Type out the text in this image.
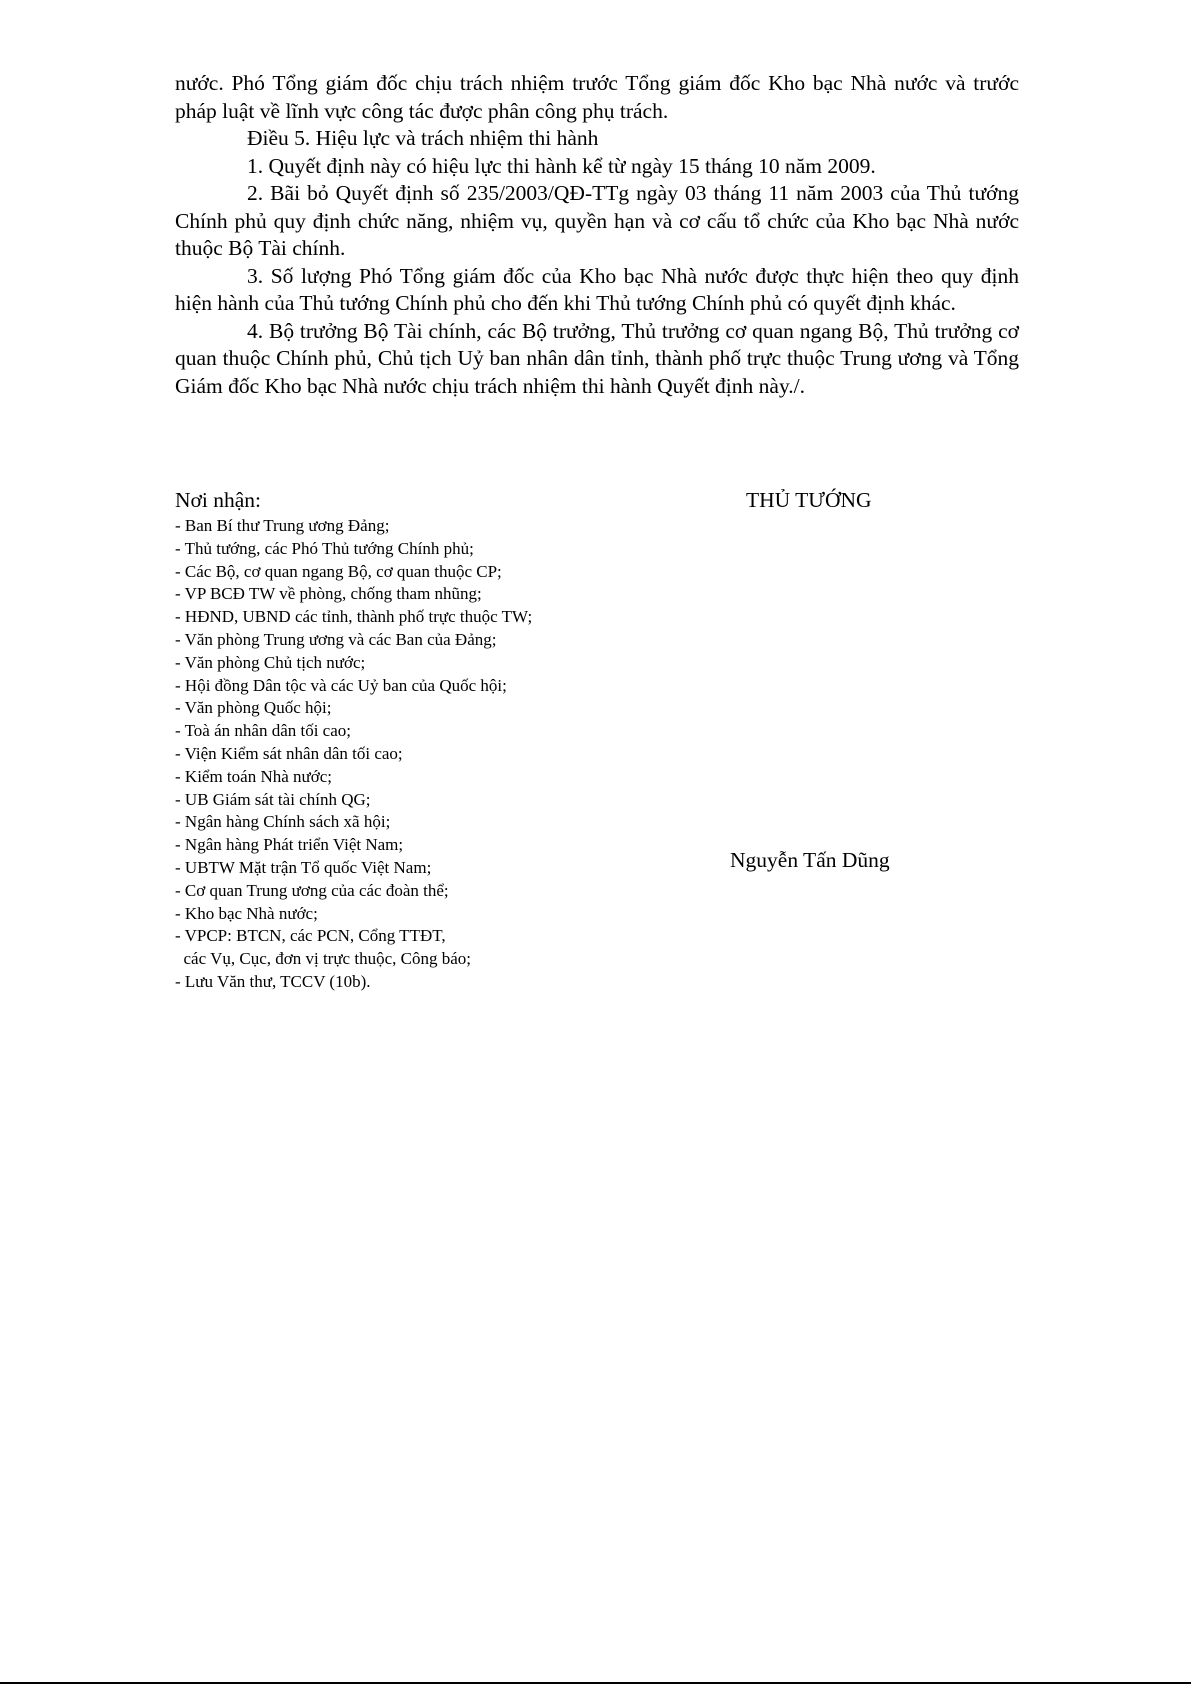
nước. Phó Tổng giám đốc chịu trách nhiệm trước Tổng giám đốc Kho bạc Nhà nước và trước pháp luật về lĩnh vực công tác được phân công phụ trách.

Điều 5. Hiệu lực và trách nhiệm thi hành

1. Quyết định này có hiệu lực thi hành kể từ ngày 15 tháng 10 năm 2009.

2. Bãi bỏ Quyết định số 235/2003/QĐ-TTg ngày 03 tháng 11 năm 2003 của Thủ tướng Chính phủ quy định chức năng, nhiệm vụ, quyền hạn và cơ cấu tổ chức của Kho bạc Nhà nước thuộc Bộ Tài chính.

3. Số lượng Phó Tổng giám đốc của Kho bạc Nhà nước được thực hiện theo quy định hiện hành của Thủ tướng Chính phủ cho đến khi Thủ tướng Chính phủ có quyết định khác.

4. Bộ trưởng Bộ Tài chính, các Bộ trưởng, Thủ trưởng cơ quan ngang Bộ, Thủ trưởng cơ quan thuộc Chính phủ, Chủ tịch Uỷ ban nhân dân tỉnh, thành phố trực thuộc Trung ương và Tổng Giám đốc Kho bạc Nhà nước chịu trách nhiệm thi hành Quyết định này./.

Nơi nhận:
- Ban Bí thư Trung ương Đảng;
- Thủ tướng, các Phó Thủ tướng Chính phủ;
- Các Bộ, cơ quan ngang Bộ, cơ quan thuộc CP;
- VP BCĐ TW về phòng, chống tham nhũng;
- HĐND, UBND các tỉnh, thành phố trực thuộc TW;
- Văn phòng Trung ương và các Ban của Đảng;
- Văn phòng Chủ tịch nước;
- Hội đồng Dân tộc và các Uỷ ban của Quốc hội;
- Văn phòng Quốc hội;
- Toà án nhân dân tối cao;
- Viện Kiểm sát nhân dân tối cao;
- Kiểm toán Nhà nước;
- UB Giám sát tài chính QG;
- Ngân hàng Chính sách xã hội;
- Ngân hàng Phát triển Việt Nam;
- UBTW Mặt trận Tổ quốc Việt Nam;
- Cơ quan Trung ương của các đoàn thể;
- Kho bạc Nhà nước;
- VPCP: BTCN, các PCN, Cổng TTĐT,
các Vụ, Cục, đơn vị trực thuộc, Công báo;
- Lưu Văn thư, TCCV (10b).
THỦ TƯỚNG
Nguyễn Tấn Dũng
